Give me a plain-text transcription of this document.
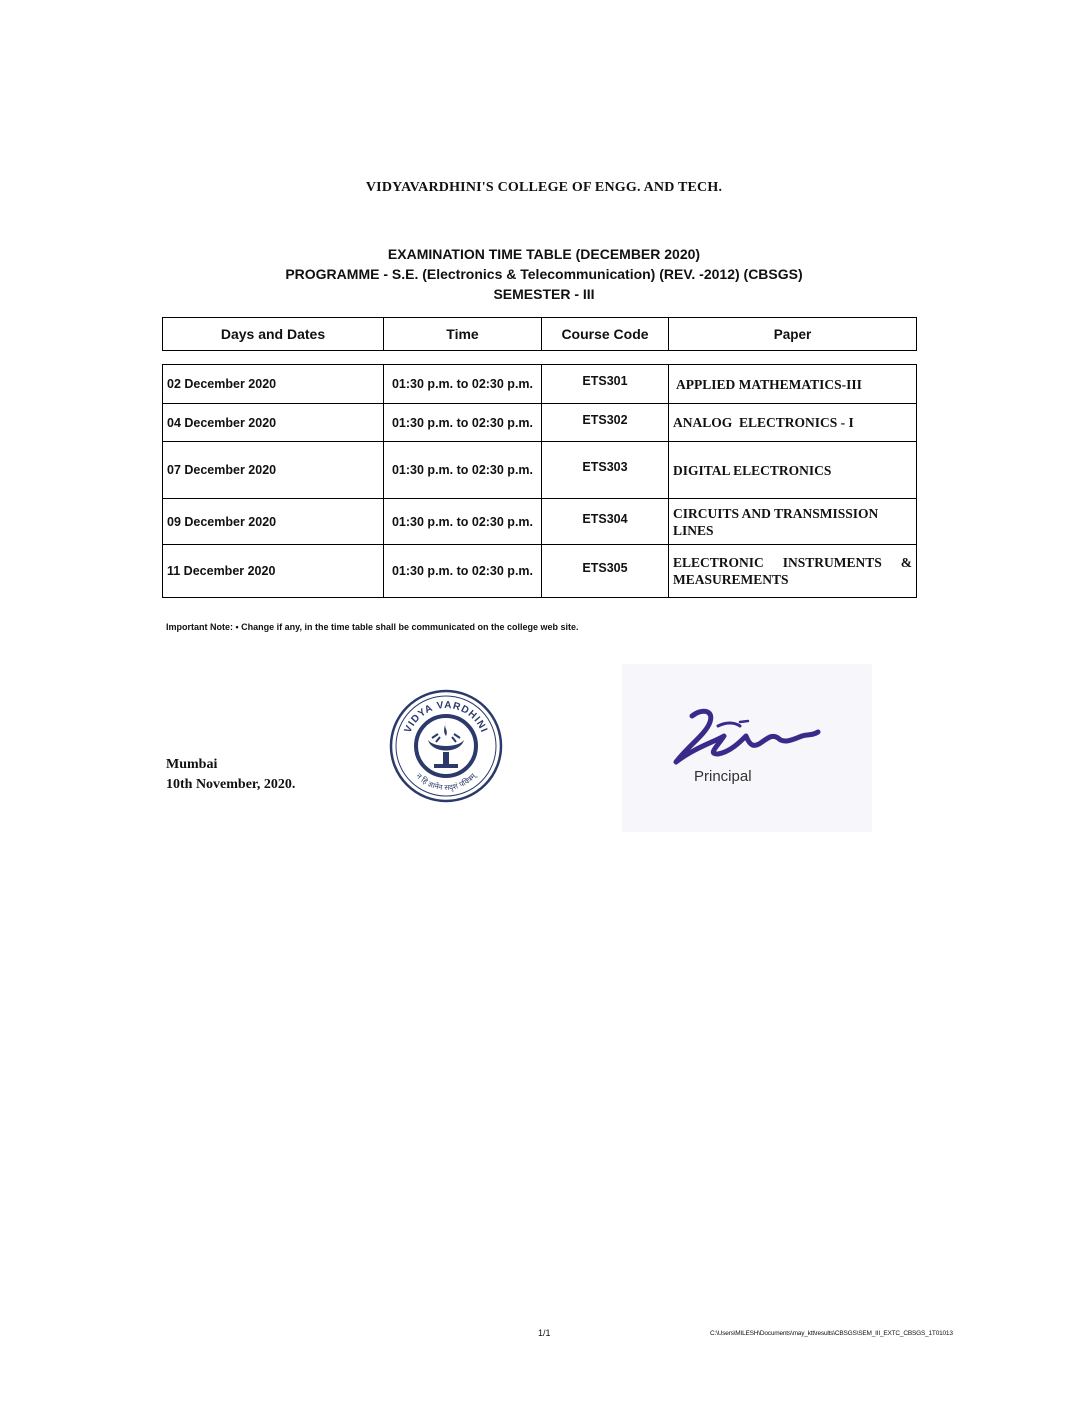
VIDYAVARDHINI'S COLLEGE OF ENGG. AND TECH.
EXAMINATION TIME TABLE (DECEMBER 2020)
PROGRAMME - S.E. (Electronics & Telecommunication) (REV. -2012) (CBSGS)
SEMESTER - III
Days and Dates	Time	Course Code	Paper
02 December 2020	01:30 p.m. to 02:30 p.m.	ETS301	APPLIED MATHEMATICS-III
04 December 2020	01:30 p.m. to 02:30 p.m.	ETS302	ANALOG  ELECTRONICS - I
07 December 2020	01:30 p.m. to 02:30 p.m.	ETS303	DIGITAL ELECTRONICS
09 December 2020	01:30 p.m. to 02:30 p.m.	ETS304	CIRCUITS AND TRANSMISSION LINES
11 December 2020	01:30 p.m. to 02:30 p.m.	ETS305	ELECTRONIC INSTRUMENTS & MEASUREMENTS
Important Note: • Change if any, in the time table shall be communicated on the college web site.
Mumbai
10th November, 2020.
VIDYA VARDHINI
न हि ज्ञानेन सदृशं पवित्रम्	Principal
1/1	C:\Users\MILESH\Documents\may_ktt\results\CBSGS\SEM_III_EXTC_CBSGS_1T01013
